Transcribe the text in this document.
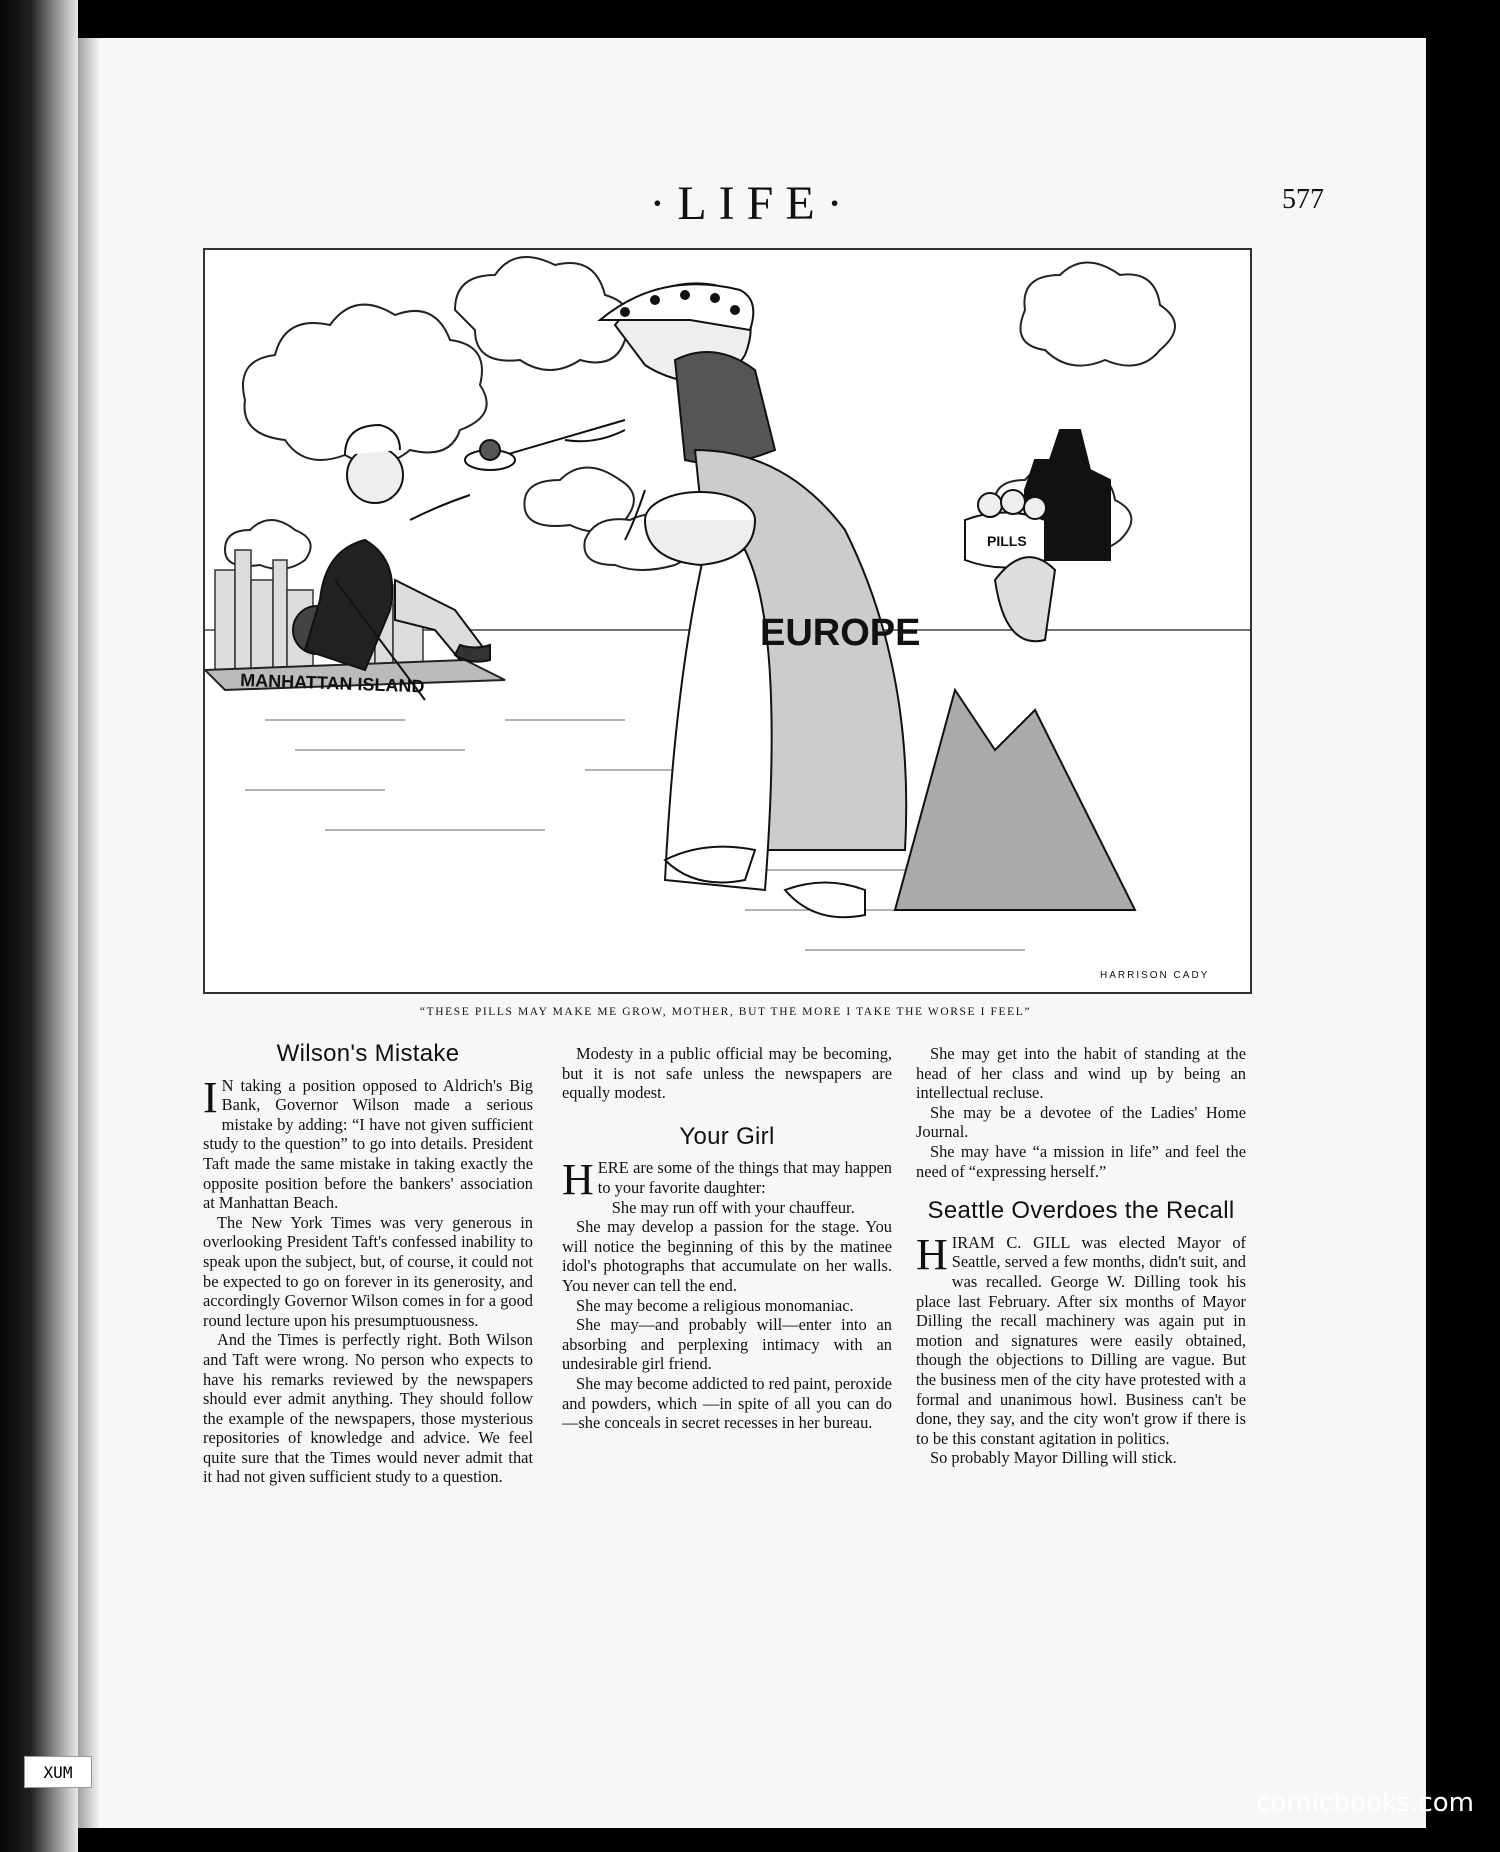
·LIFE·	577
MANHATTAN ISLAND
EUROPE
PILLS
HARRISON CADY
“THESE PILLS MAY MAKE ME GROW, MOTHER, BUT THE MORE I TAKE THE WORSE I FEEL”
Wilson's Mistake

I N taking a position opposed to Aldrich's Big Bank, Governor Wilson made a serious mistake by adding: “I have not given sufficient study to the question” to go into details. President Taft made the same mistake in taking exactly the opposite position before the bankers' association at Manhattan Beach.

The New York Times was very generous in overlooking President Taft's confessed inability to speak upon the subject, but, of course, it could not be expected to go on forever in its generosity, and accordingly Governor Wilson comes in for a good round lecture upon his presumptuousness.

And the Times is perfectly right. Both Wilson and Taft were wrong. No person who expects to have his remarks reviewed by the newspapers should ever admit anything. They should follow the example of the newspapers, those mysterious repositories of knowledge and advice. We feel quite sure that the Times would never admit that it had not given sufficient study to a question.

Modesty in a public official may be becoming, but it is not safe unless the newspapers are equally modest.

Your Girl

HERE are some of the things that may happen to your favorite daughter:

She may run off with your chauffeur.

She may develop a passion for the stage. You will notice the beginning of this by the matinee idol's photographs that accumulate on her walls. You never can tell the end.

She may become a religious monomaniac.

She may—and probably will—enter into an absorbing and perplexing intimacy with an undesirable girl friend.

She may become addicted to red paint, peroxide and powders, which —in spite of all you can do—she conceals in secret recesses in her bureau.

She may get into the habit of standing at the head of her class and wind up by being an intellectual recluse.

She may be a devotee of the Ladies' Home Journal.

She may have “a mission in life” and feel the need of “expressing herself.”

Seattle Overdoes the Recall

HIRAM C. GILL was elected Mayor of Seattle, served a few months, didn't suit, and was recalled. George W. Dilling took his place last February. After six months of Mayor Dilling the recall machinery was again put in motion and signatures were easily obtained, though the objections to Dilling are vague. But the business men of the city have protested with a formal and unanimous howl. Business can't be done, they say, and the city won't grow if there is to be this constant agitation in politics.

So probably Mayor Dilling will stick.

XUM
comicbooks.com
